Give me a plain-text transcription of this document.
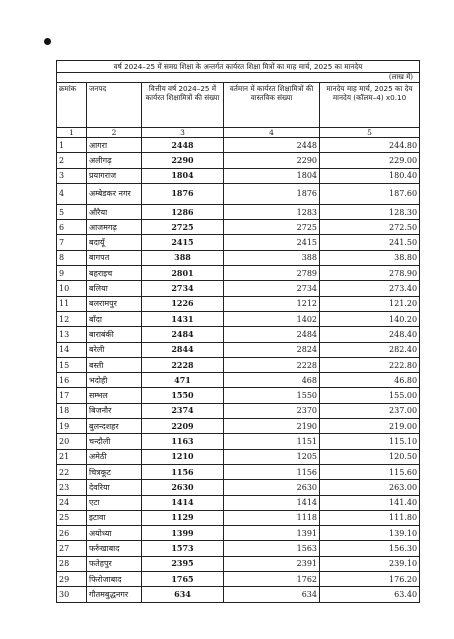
वर्ष 2024–25 में समग्र शिक्षा के अन्तर्गत कार्यरत शिक्षा मित्रों का माह मार्च, 2025 का मानदेय				
(लाख में)				
क्रमांक	जनपद	वित्तीय वर्ष 2024–25 में कार्यरत शिक्षामित्रों की संख्या	वर्तमान में कार्यरत शिक्षामित्रों की वास्तविक संख्या	मानदेय माह मार्च, 2025 का देय मानदेय (कॉलम–4) x0.10
1	2	3	4	5
1	आगरा	2448	2448	244.80
2	अलीगढ़	2290	2290	229.00
3	प्रयागराज	1804	1804	180.40
4	अम्बेडकर नगर	1876	1876	187.60
5	औरैया	1286	1283	128.30
6	आजमगढ़	2725	2725	272.50
7	बदायूँ	2415	2415	241.50
8	बागपत	388	388	38.80
9	बहराइच	2801	2789	278.90
10	बलिया	2734	2734	273.40
11	बलरामपुर	1226	1212	121.20
12	बाँदा	1431	1402	140.20
13	बाराबंकी	2484	2484	248.40
14	बरेली	2844	2824	282.40
15	बस्ती	2228	2228	222.80
16	भदोही	471	468	46.80
17	सम्भल	1550	1550	155.00
18	बिजनौर	2374	2370	237.00
19	बुलन्दशहर	2209	2190	219.00
20	चन्दौली	1163	1151	115.10
21	अमेठी	1210	1205	120.50
22	चित्रकूट	1156	1156	115.60
23	देवरिया	2630	2630	263.00
24	एटा	1414	1414	141.40
25	इटावा	1129	1118	111.80
26	अयोध्या	1399	1391	139.10
27	फर्रुखाबाद	1573	1563	156.30
28	फतेहपुर	2395	2391	239.10
29	फिरोजाबाद	1765	1762	176.20
30	गौतमबुद्धनगर	634	634	63.40
